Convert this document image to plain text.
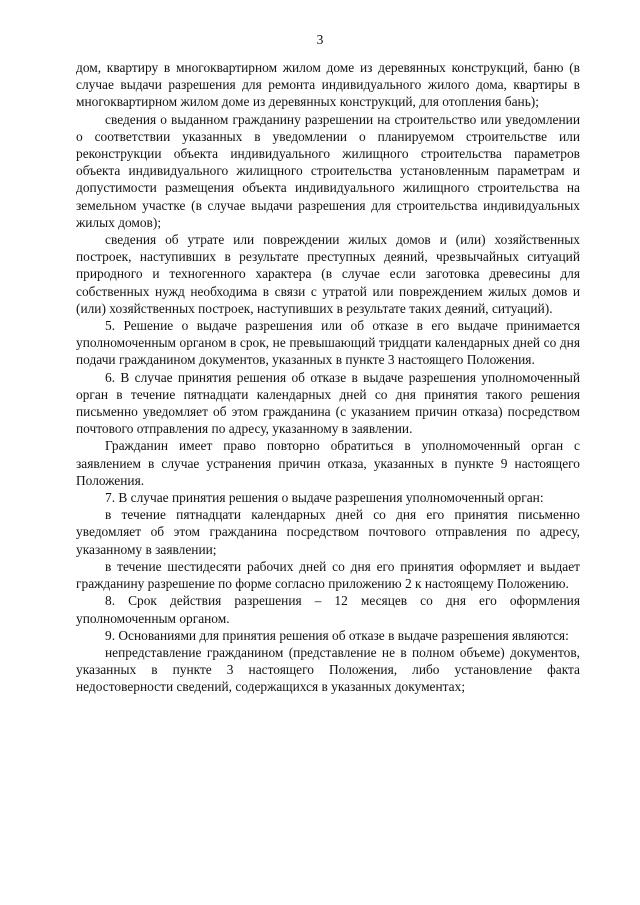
3

дом, квартиру в многоквартирном жилом доме из деревянных конструкций, баню (в случае выдачи разрешения для ремонта индивидуального жилого дома, квартиры в многоквартирном жилом доме из деревянных конструкций, для отопления бань);

сведения о выданном гражданину разрешении на строительство или уведомлении о соответствии указанных в уведомлении о планируемом строительстве или реконструкции объекта индивидуального жилищного строительства параметров объекта индивидуального жилищного строительства установленным параметрам и допустимости размещения объекта индивидуального жилищного строительства на земельном участке (в случае выдачи разрешения для строительства индивидуальных жилых домов);

сведения об утрате или повреждении жилых домов и (или) хозяйственных построек, наступивших в результате преступных деяний, чрезвычайных ситуаций природного и техногенного характера (в случае если заготовка древесины для собственных нужд необходима в связи с утратой или повреждением жилых домов и (или) хозяйственных построек, наступивших в результате таких деяний, ситуаций).

5. Решение о выдаче разрешения или об отказе в его выдаче принимается уполномоченным органом в срок, не превышающий тридцати календарных дней со дня подачи гражданином документов, указанных в пункте 3 настоящего Положения.

6. В случае принятия решения об отказе в выдаче разрешения уполномоченный орган в течение пятнадцати календарных дней со дня принятия такого решения письменно уведомляет об этом гражданина (с указанием причин отказа) посредством почтового отправления по адресу, указанному в заявлении.

Гражданин имеет право повторно обратиться в уполномоченный орган с заявлением в случае устранения причин отказа, указанных в пункте 9 настоящего Положения.

7. В случае принятия решения о выдаче разрешения уполномоченный орган:

в течение пятнадцати календарных дней со дня его принятия письменно уведомляет об этом гражданина посредством почтового отправления по адресу, указанному в заявлении;

в течение шестидесяти рабочих дней со дня его принятия оформляет и выдает гражданину разрешение по форме согласно приложению 2 к настоящему Положению.

8. Срок действия разрешения – 12 месяцев со дня его оформления уполномоченным органом.

9. Основаниями для принятия решения об отказе в выдаче разрешения являются:

непредставление гражданином (представление не в полном объеме) документов, указанных в пункте 3 настоящего Положения, либо установление факта недостоверности сведений, содержащихся в указанных документах;
